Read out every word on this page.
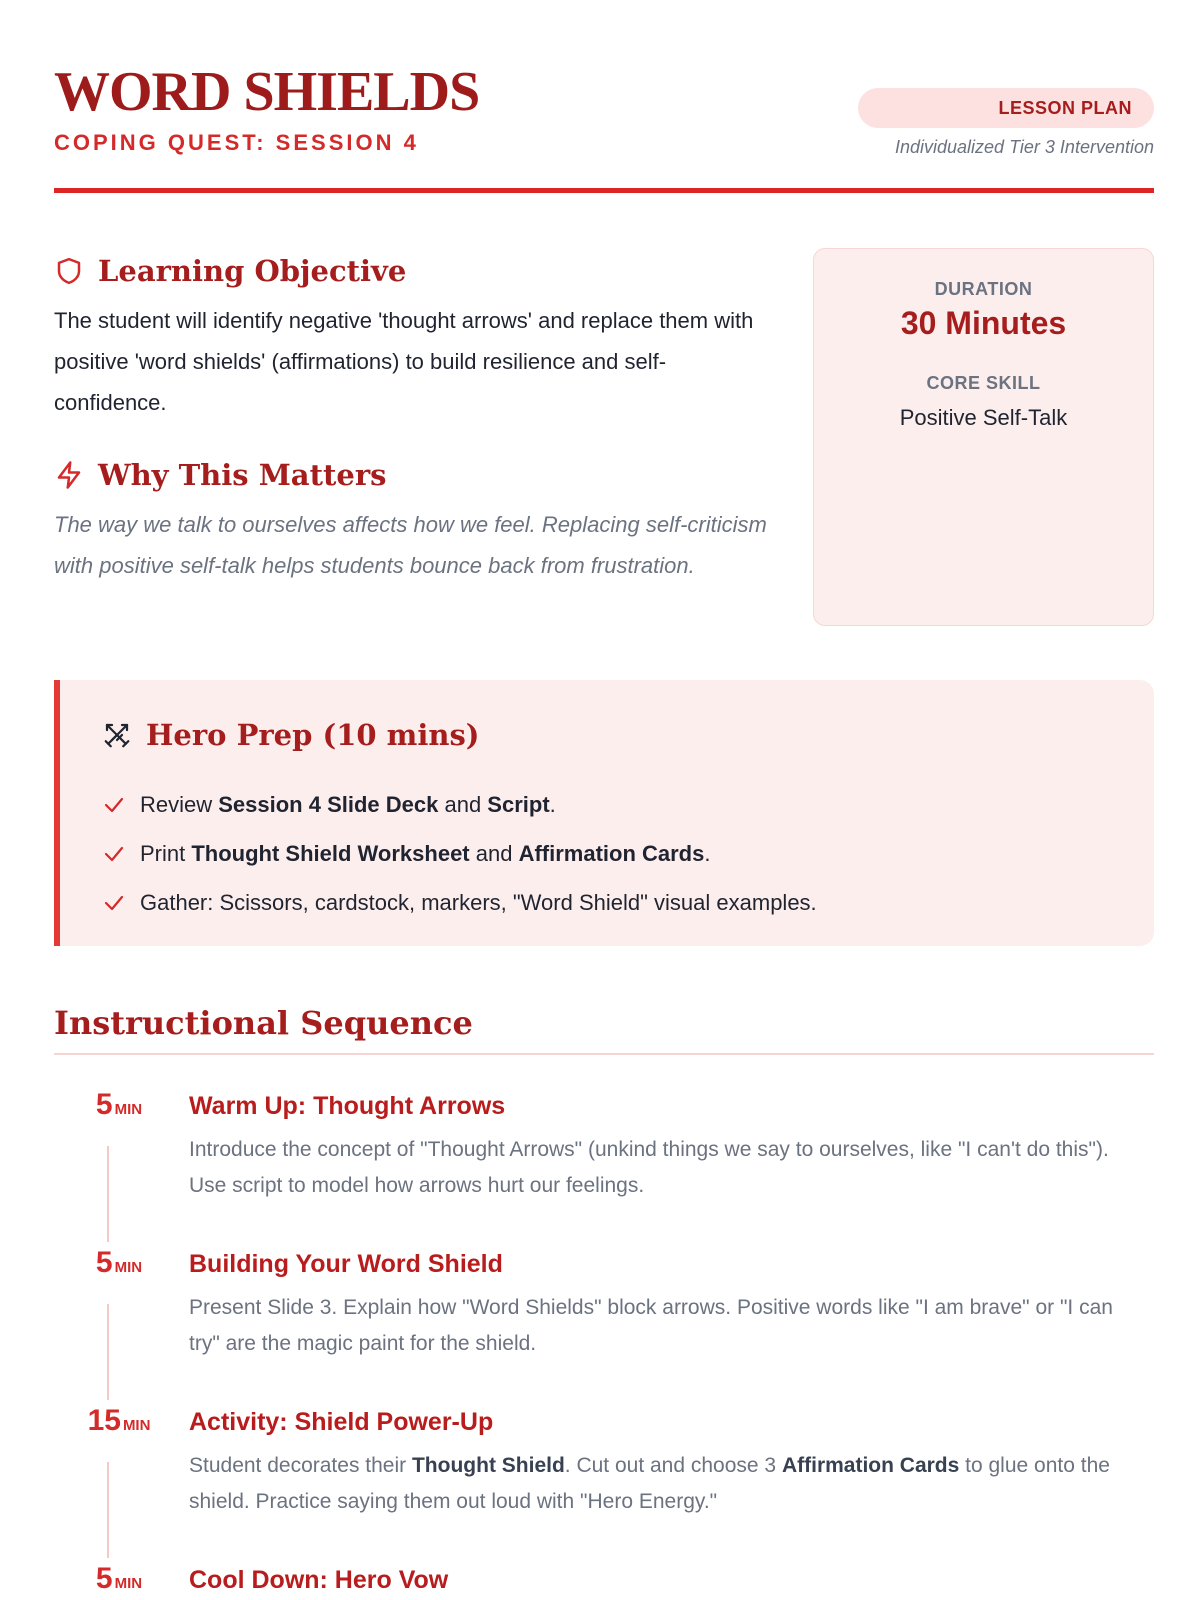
WORD SHIELDS
COPING QUEST: SESSION 4
LESSON PLAN
Individualized Tier 3 Intervention
Learning Objective
The student will identify negative 'thought arrows' and replace them with positive 'word shields' (affirmations) to build resilience and self-confidence.
Why This Matters
The way we talk to ourselves affects how we feel. Replacing self-criticism with positive self-talk helps students bounce back from frustration.
DURATION
30 Minutes
CORE SKILL
Positive Self-Talk
Hero Prep (10 mins)
Review Session 4 Slide Deck and Script.
Print Thought Shield Worksheet and Affirmation Cards.
Gather: Scissors, cardstock, markers, "Word Shield" visual examples.
Instructional Sequence
5 MIN	Warm Up: Thought Arrows
Introduce the concept of "Thought Arrows" (unkind things we say to ourselves, like "I can't do this"). Use script to model how arrows hurt our feelings.
5 MIN	Building Your Word Shield
Present Slide 3. Explain how "Word Shields" block arrows. Positive words like "I am brave" or "I can try" are the magic paint for the shield.
15 MIN	Activity: Shield Power-Up
Student decorates their Thought Shield. Cut out and choose 3 Affirmation Cards to glue onto the shield. Practice saying them out loud with "Hero Energy."
5 MIN	Cool Down: Hero Vow
